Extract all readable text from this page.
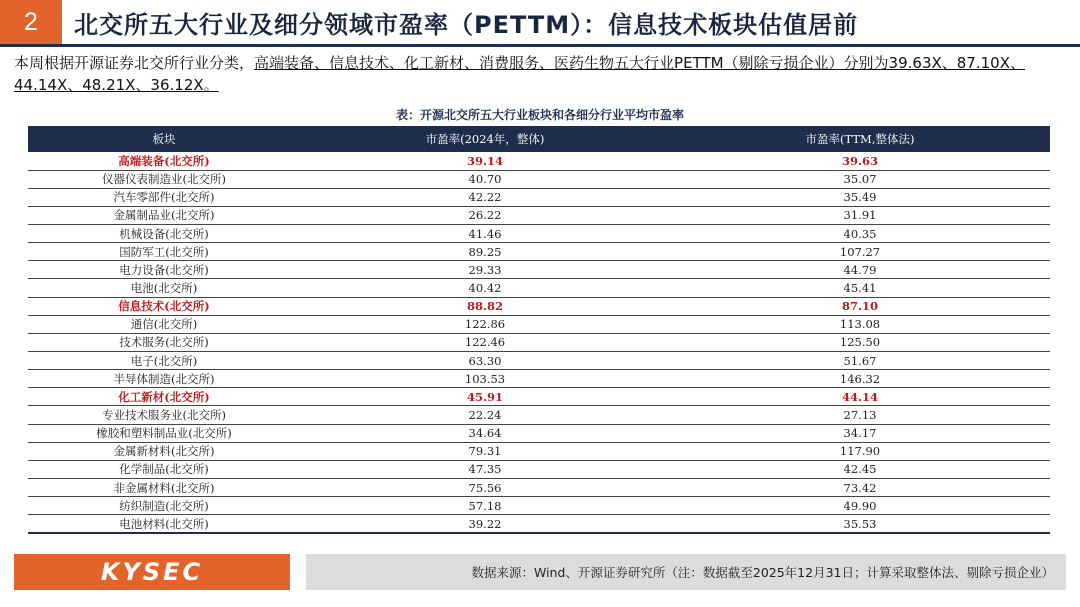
2	北交所五大行业及细分领域市盈率（PETTM）：信息技术板块估值居前
本周根据开源证券北交所行业分类，高端装备、信息技术、化工新材、消费服务、医药生物五大行业PETTM（剔除亏损企业）分别为39.63X、87.10X、44.14X、48.21X、36.12X。
表：开源北交所五大行业板块和各细分行业平均市盈率
板块	市盈率(2024年，整体)	市盈率(TTM,整体法)
高端装备(北交所)	39.14	39.63
仪器仪表制造业(北交所)	40.70	35.07
汽车零部件(北交所)	42.22	35.49
金属制品业(北交所)	26.22	31.91
机械设备(北交所)	41.46	40.35
国防军工(北交所)	89.25	107.27
电力设备(北交所)	29.33	44.79
电池(北交所)	40.42	45.41
信息技术(北交所)	88.82	87.10
通信(北交所)	122.86	113.08
技术服务(北交所)	122.46	125.50
电子(北交所)	63.30	51.67
半导体制造(北交所)	103.53	146.32
化工新材(北交所)	45.91	44.14
专业技术服务业(北交所)	22.24	27.13
橡胶和塑料制品业(北交所)	34.64	34.17
金属新材料(北交所)	79.31	117.90
化学制品(北交所)	47.35	42.45
非金属材料(北交所)	75.56	73.42
纺织制造(北交所)	57.18	49.90
电池材料(北交所)	39.22	35.53
KYSEC	数据来源：Wind、开源证券研究所（注：数据截至2025年12月31日；计算采取整体法、剔除亏损企业）
